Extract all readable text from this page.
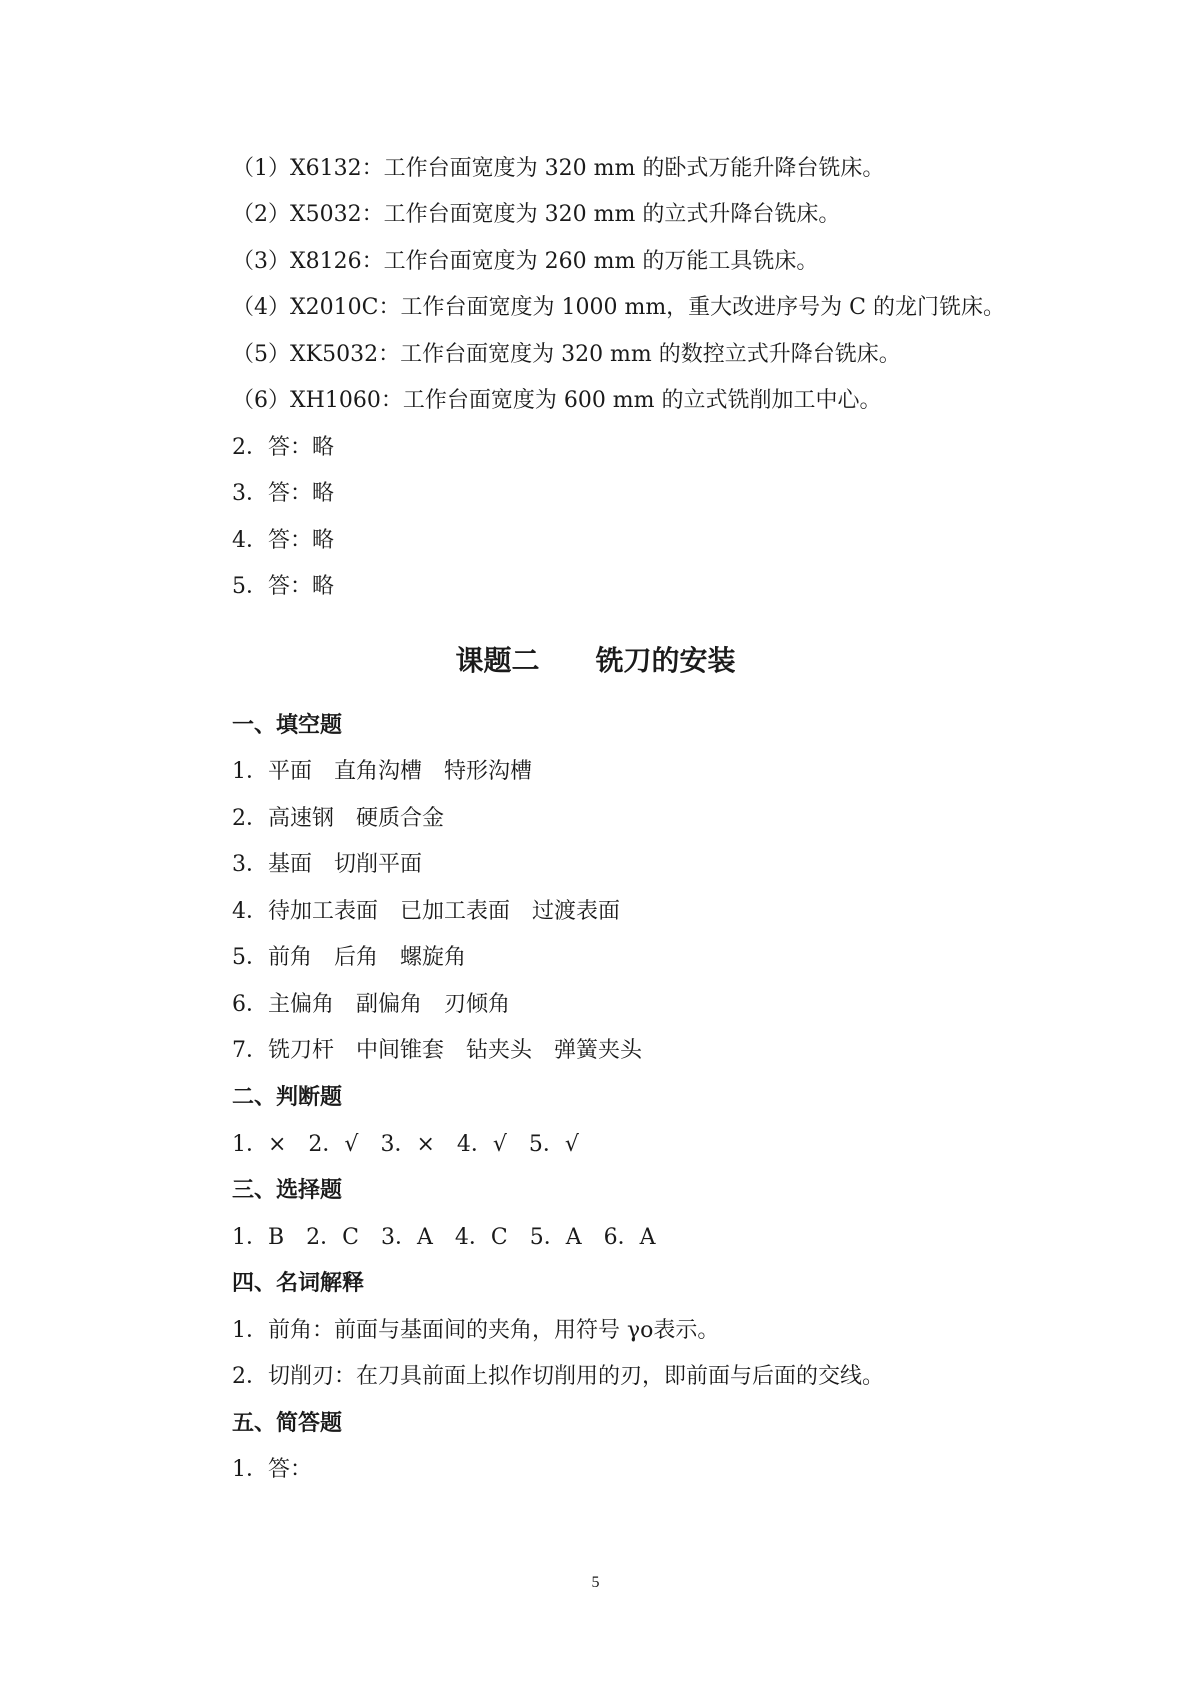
（1）X6132：工作台面宽度为 320 mm 的卧式万能升降台铣床。
（2）X5032：工作台面宽度为 320 mm 的立式升降台铣床。
（3）X8126：工作台面宽度为 260 mm 的万能工具铣床。
（4）X2010C：工作台面宽度为 1000 mm，重大改进序号为 C 的龙门铣床。
（5）XK5032：工作台面宽度为 320 mm 的数控立式升降台铣床。
（6）XH1060：工作台面宽度为 600 mm 的立式铣削加工中心。
2．答：略
3．答：略
4．答：略
5．答：略
课题二　　铣刀的安装
一、填空题
1．平面　直角沟槽　特形沟槽
2．高速钢　硬质合金
3．基面　切削平面
4．待加工表面　已加工表面　过渡表面
5．前角　后角　螺旋角
6．主偏角　副偏角　刃倾角
7．铣刀杆　中间锥套　钻夹头　弹簧夹头
二、判断题
1．×　2．√　3．×　4．√　5．√
三、选择题
1．B　2．C　3．A　4．C　5．A　6．A
四、名词解释
1．前角：前面与基面间的夹角，用符号 γo表示。
2．切削刃：在刀具前面上拟作切削用的刃，即前面与后面的交线。
五、简答题
1．答：
5
